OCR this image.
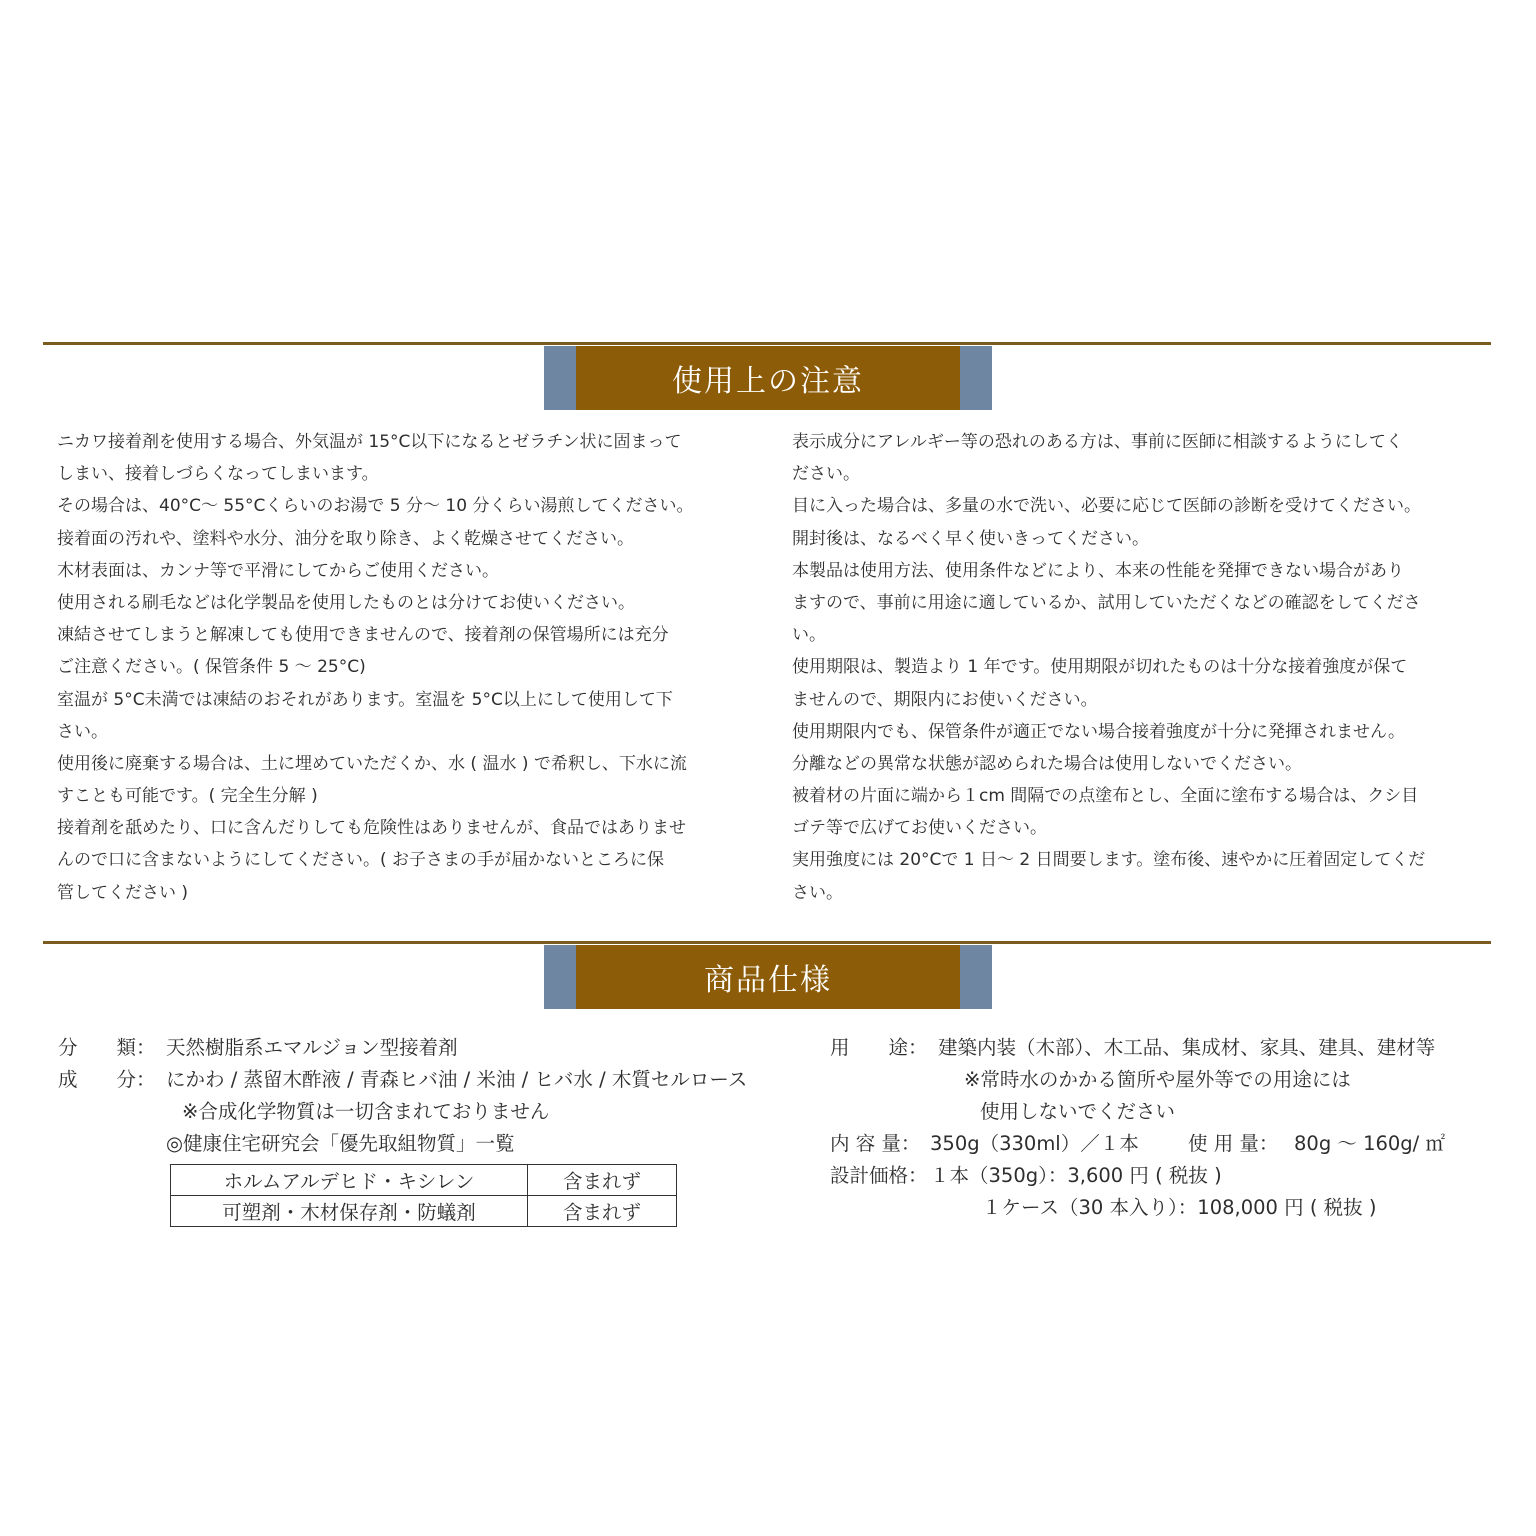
使用上の注意
ニカワ接着剤を使用する場合、外気温が 15°C以下になるとゼラチン状に固まって
しまい、接着しづらくなってしまいます。
その場合は、40°C〜 55°Cくらいのお湯で 5 分〜 10 分くらい湯煎してください。
接着面の汚れや、塗料や水分、油分を取り除き、よく乾燥させてください。
木材表面は、カンナ等で平滑にしてからご使用ください。
使用される刷毛などは化学製品を使用したものとは分けてお使いください。
凍結させてしまうと解凍しても使用できませんので、接着剤の保管場所には充分
ご注意ください。( 保管条件 5 〜 25°C)
室温が 5°C未満では凍結のおそれがあります。室温を 5°C以上にして使用して下
さい。
使用後に廃棄する場合は、土に埋めていただくか、水 ( 温水 ) で希釈し、下水に流
すことも可能です。( 完全生分解 )
接着剤を舐めたり、口に含んだりしても危険性はありませんが、食品ではありませ
んので口に含まないようにしてください。( お子さまの手が届かないところに保
管してください )
表示成分にアレルギー等の恐れのある方は、事前に医師に相談するようにしてく
ださい。
目に入った場合は、多量の水で洗い、必要に応じて医師の診断を受けてください。
開封後は、なるべく早く使いきってください。
本製品は使用方法、使用条件などにより、本来の性能を発揮できない場合があり
ますので、事前に用途に適しているか、試用していただくなどの確認をしてくださ
い。
使用期限は、製造より 1 年です。使用期限が切れたものは十分な接着強度が保て
ませんので、期限内にお使いください。
使用期限内でも、保管条件が適正でない場合接着強度が十分に発揮されません。
分離などの異常な状態が認められた場合は使用しないでください。
被着材の片面に端から１cm 間隔での点塗布とし、全面に塗布する場合は、クシ目
ゴテ等で広げてお使いください。
実用強度には 20°Cで 1 日〜 2 日間要します。塗布後、速やかに圧着固定してくだ
さい。
商品仕様
分　　類： 天然樹脂系エマルジョン型接着剤
成　　分： にかわ / 蒸留木酢液 / 青森ヒバ油 / 米油 / ヒバ水 / 木質セルロース
※合成化学物質は一切含まれておりません
◎健康住宅研究会「優先取組物質」一覧
ホルムアルデヒド・キシレン	含まれず
可塑剤・木材保存剤・防蟻剤	含まれず
用　　途： 建築内装（木部）、木工品、集成材、家具、建具、建材等
※常時水のかかる箇所や屋外等での用途には
使用しないでください
内 容 量： 350g（330ml）／１本	使 用 量： 80g 〜 160g/ ㎡
設計価格： １本（350g）：3,600 円 ( 税抜 )
１ケース（30 本入り）：108,000 円 ( 税抜 )
